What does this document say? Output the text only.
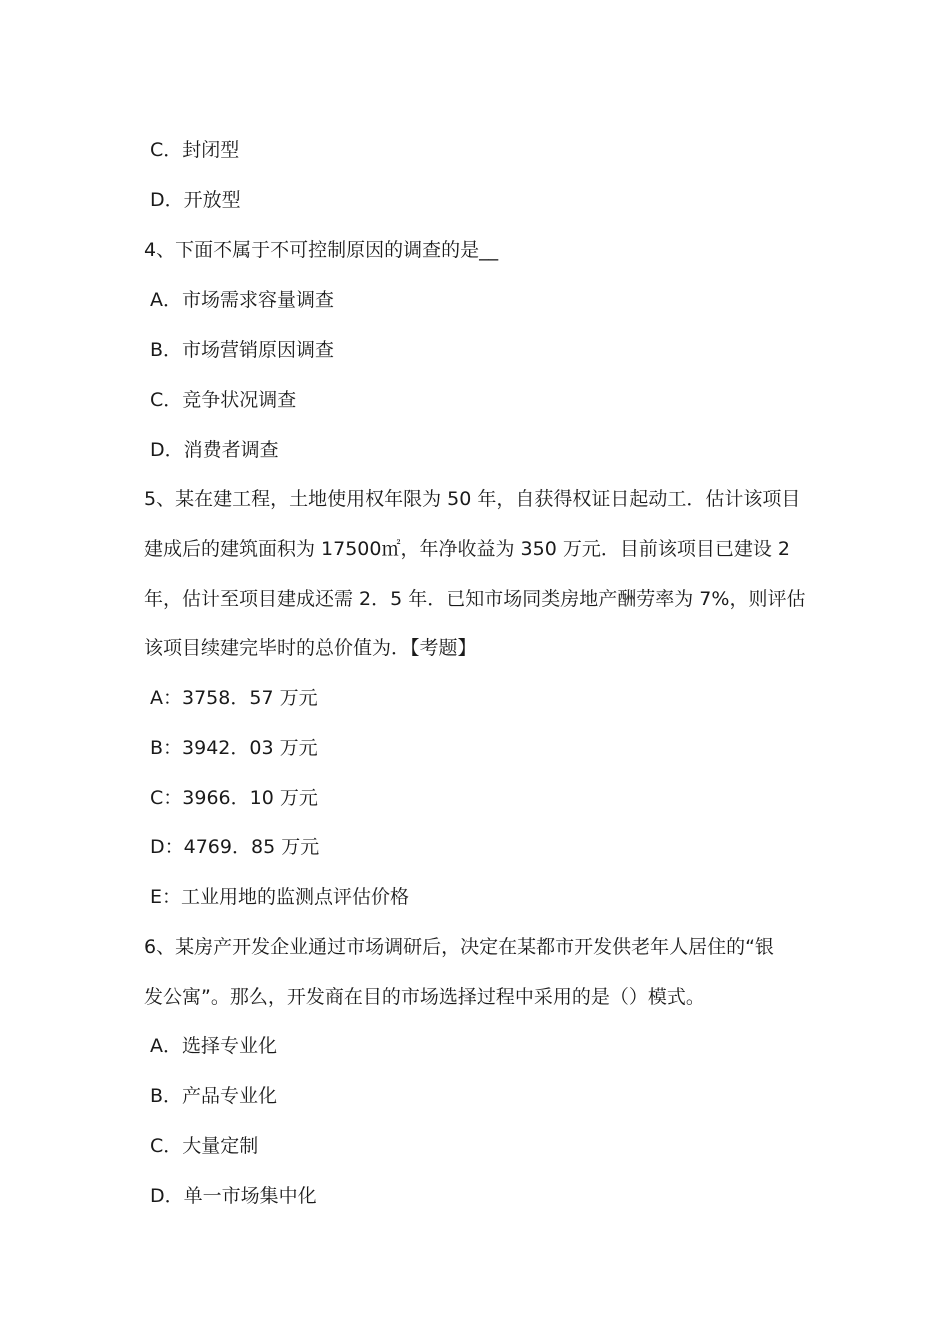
C．封闭型
D．开放型
4、下面不属于不可控制原因的调查的是__
A．市场需求容量调查
B．市场营销原因调查
C．竞争状况调查
D．消费者调查
5、某在建工程，土地使用权年限为 50 年，自获得权证日起动工．估计该项目
建成后的建筑面积为 17500㎡，年净收益为 350 万元．目前该项目已建设 2
年，估计至项目建成还需 2．5 年．已知市场同类房地产酬劳率为 7%，则评估
该项目续建完毕时的总价值为．【考题】
A：3758．57 万元
B：3942．03 万元
C：3966．10 万元
D：4769．85 万元
E：工业用地的监测点评估价格
6、某房产开发企业通过市场调研后，决定在某都市开发供老年人居住的“银
发公寓”。那么，开发商在目的市场选择过程中采用的是（）模式。
A．选择专业化
B．产品专业化
C．大量定制
D．单一市场集中化
